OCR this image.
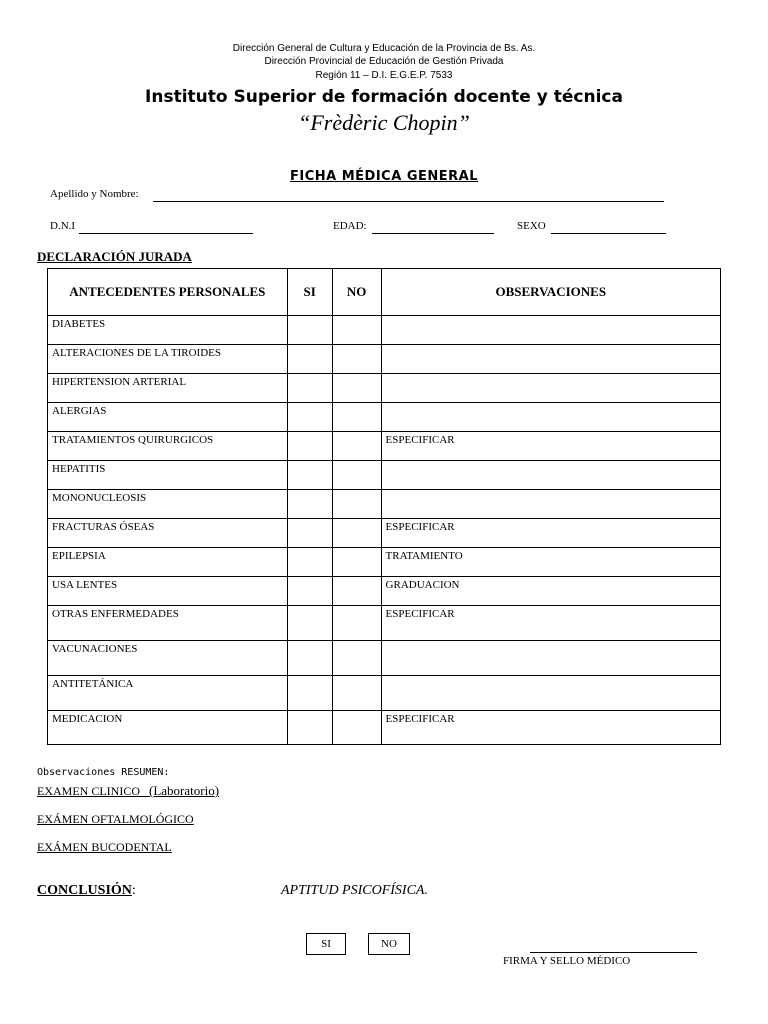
Dirección General de Cultura y Educación de la Provincia de Bs. As.
Dirección Provincial de Educación de Gestión Privada
Región 11 – D.I. E.G.E.P. 7533
Instituto Superior de formación docente y técnica
“Frèdèric Chopin”
FICHA MÉDICA GENERAL
Apellido y Nombre:
D.N.I	EDAD:	SEXO
DECLARACIÓN JURADA
ANTECEDENTES PERSONALES	SI	NO	OBSERVACIONES
DIABETES			
ALTERACIONES DE LA TIROIDES			
HIPERTENSION ARTERIAL			
ALERGIAS			
TRATAMIENTOS QUIRURGICOS			ESPECIFICAR
HEPATITIS			
MONONUCLEOSIS			
FRACTURAS ÓSEAS			ESPECIFICAR
EPILEPSIA			TRATAMIENTO
USA LENTES			GRADUACION
OTRAS ENFERMEDADES			ESPECIFICAR
VACUNACIONES			
ANTITETÁNICA			
MEDICACION			ESPECIFICAR
Observaciones RESUMEN:
EXAMEN CLINICO (Laboratorio)
EXÁMEN OFTALMOLÓGICO
EXÁMEN BUCODENTAL
CONCLUSIÓN:	APTITUD PSICOFÍSICA.
SI	NO
FIRMA Y SELLO MÉDICO
